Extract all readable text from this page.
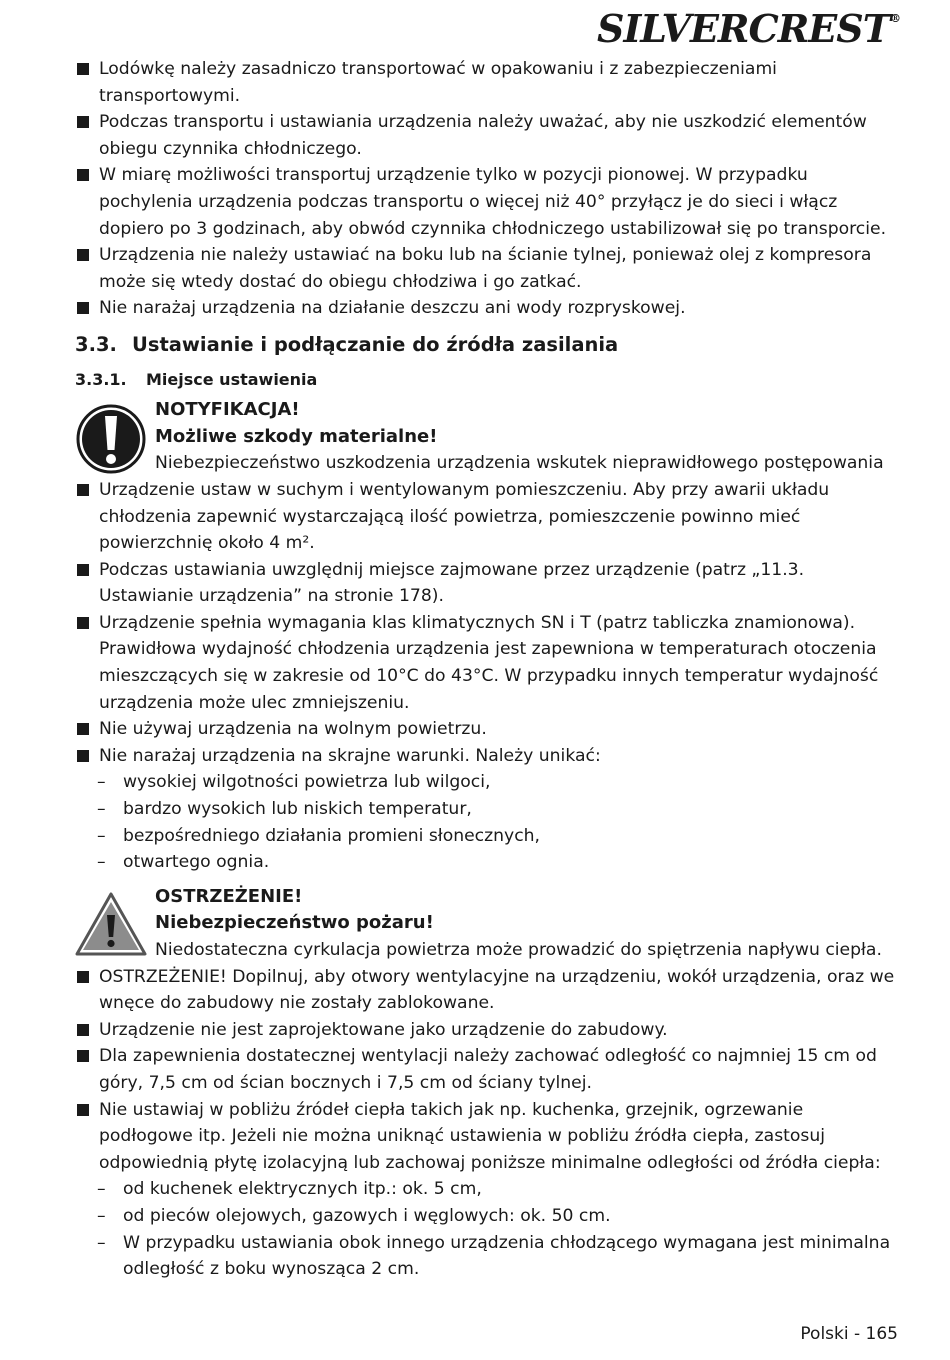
SILVERCREST®
Lodówkę należy zasadniczo transportować w opakowaniu i z zabezpieczeniami transportowymi.
Podczas transportu i ustawiania urządzenia należy uważać, aby nie uszkodzić elementów obiegu czynnika chłodniczego.
W miarę możliwości transportuj urządzenie tylko w pozycji pionowej. W przypadku pochylenia urządzenia podczas transportu o więcej niż 40° przyłącz je do sieci i włącz dopiero po 3 godzinach, aby obwód czynnika chłodniczego ustabilizował się po transporcie.
Urządzenia nie należy ustawiać na boku lub na ścianie tylnej, ponieważ olej z kompresora może się wtedy dostać do obiegu chłodziwa i go zatkać.
Nie narażaj urządzenia na działanie deszczu ani wody rozpryskowej.
3.3. Ustawianie i podłączanie do źródła zasilania
3.3.1. Miejsce ustawienia
NOTYFIKACJA!
Możliwe szkody materialne!
Niebezpieczeństwo uszkodzenia urządzenia wskutek nieprawidłowego postępowania
Urządzenie ustaw w suchym i wentylowanym pomieszczeniu. Aby przy awarii układu chłodzenia zapewnić wystarczającą ilość powietrza, pomieszczenie powinno mieć powierzchnię około 4 m².
Podczas ustawiania uwzględnij miejsce zajmowane przez urządzenie (patrz „11.3. Ustawianie urządzenia” na stronie 178).
Urządzenie spełnia wymagania klas klimatycznych SN i T (patrz tabliczka znamionowa). Prawidłowa wydajność chłodzenia urządzenia jest zapewniona w temperaturach otoczenia mieszczących się w zakresie od 10°C do 43°C. W przypadku innych temperatur wydajność urządzenia może ulec zmniejszeniu.
Nie używaj urządzenia na wolnym powietrzu.
Nie narażaj urządzenia na skrajne warunki. Należy unikać:
– wysokiej wilgotności powietrza lub wilgoci,
– bardzo wysokich lub niskich temperatur,
– bezpośredniego działania promieni słonecznych,
– otwartego ognia.
OSTRZEŻENIE!
Niebezpieczeństwo pożaru!
Niedostateczna cyrkulacja powietrza może prowadzić do spiętrzenia napływu ciepła.
OSTRZEŻENIE! Dopilnuj, aby otwory wentylacyjne na urządzeniu, wokół urządzenia, oraz we wnęce do zabudowy nie zostały zablokowane.
Urządzenie nie jest zaprojektowane jako urządzenie do zabudowy.
Dla zapewnienia dostatecznej wentylacji należy zachować odległość co najmniej 15 cm od góry, 7,5 cm od ścian bocznych i 7,5 cm od ściany tylnej.
Nie ustawiaj w pobliżu źródeł ciepła takich jak np. kuchenka, grzejnik, ogrzewanie podłogowe itp. Jeżeli nie można uniknąć ustawienia w pobliżu źródła ciepła, zastosuj odpowiednią płytę izolacyjną lub zachowaj poniższe minimalne odległości od źródła ciepła:
– od kuchenek elektrycznych itp.: ok. 5 cm,
– od pieców olejowych, gazowych i węglowych: ok. 50 cm.
– W przypadku ustawiania obok innego urządzenia chłodzącego wymagana jest minimalna odległość z boku wynosząca 2 cm.
Polski - 165
